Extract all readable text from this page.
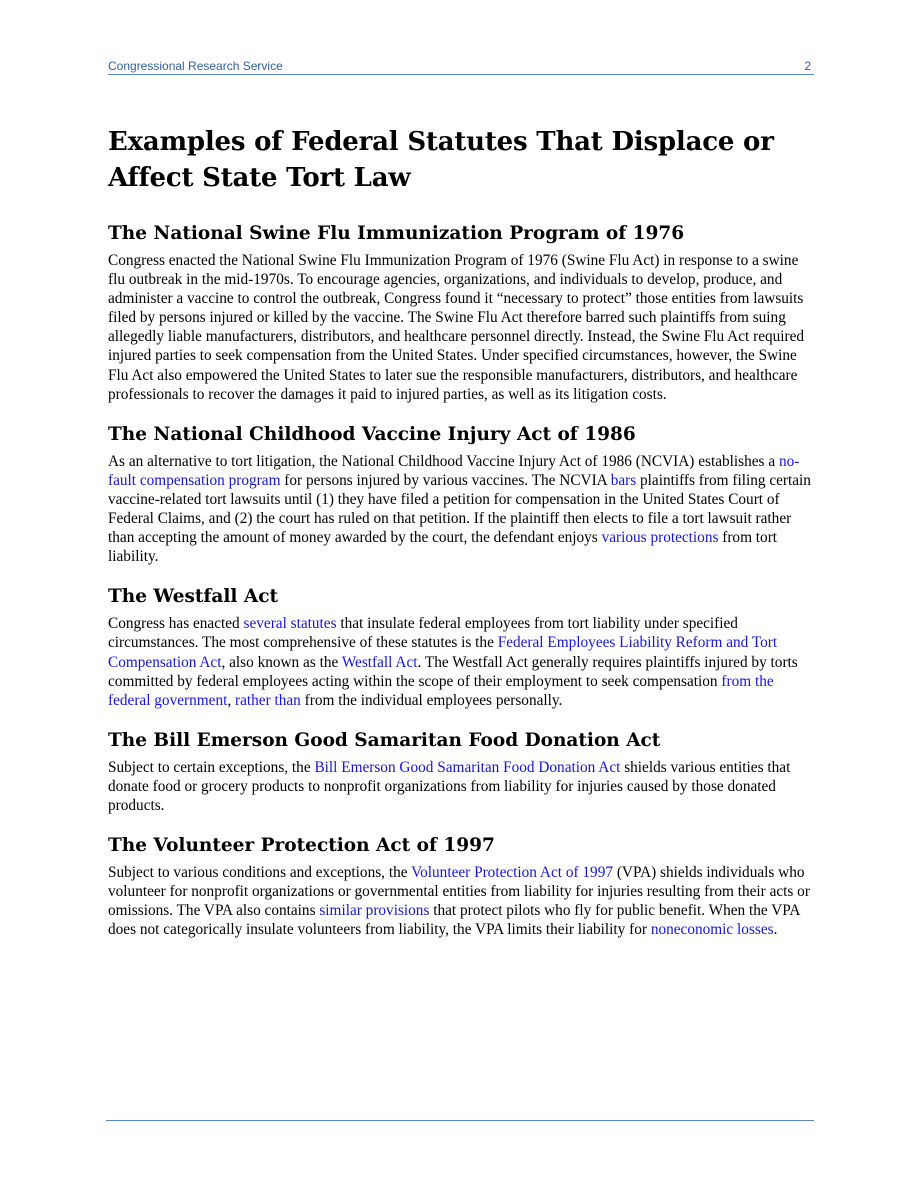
Congressional Research Service	2
Examples of Federal Statutes That Displace or Affect State Tort Law
The National Swine Flu Immunization Program of 1976

Congress enacted the National Swine Flu Immunization Program of 1976 (Swine Flu Act) in response to a swine flu outbreak in the mid-1970s. To encourage agencies, organizations, and individuals to develop, produce, and administer a vaccine to control the outbreak, Congress found it “necessary to protect” those entities from lawsuits filed by persons injured or killed by the vaccine. The Swine Flu Act therefore barred such plaintiffs from suing allegedly liable manufacturers, distributors, and healthcare personnel directly. Instead, the Swine Flu Act required injured parties to seek compensation from the United States. Under specified circumstances, however, the Swine Flu Act also empowered the United States to later sue the responsible manufacturers, distributors, and healthcare professionals to recover the damages it paid to injured parties, as well as its litigation costs.

The National Childhood Vaccine Injury Act of 1986

As an alternative to tort litigation, the National Childhood Vaccine Injury Act of 1986 (NCVIA) establishes a no-fault compensation program for persons injured by various vaccines. The NCVIA bars plaintiffs from filing certain vaccine-related tort lawsuits until (1) they have filed a petition for compensation in the United States Court of Federal Claims, and (2) the court has ruled on that petition. If the plaintiff then elects to file a tort lawsuit rather than accepting the amount of money awarded by the court, the defendant enjoys various protections from tort liability.

The Westfall Act

Congress has enacted several statutes that insulate federal employees from tort liability under specified circumstances. The most comprehensive of these statutes is the Federal Employees Liability Reform and Tort Compensation Act, also known as the Westfall Act. The Westfall Act generally requires plaintiffs injured by torts committed by federal employees acting within the scope of their employment to seek compensation from the federal government, rather than from the individual employees personally.

The Bill Emerson Good Samaritan Food Donation Act

Subject to certain exceptions, the Bill Emerson Good Samaritan Food Donation Act shields various entities that donate food or grocery products to nonprofit organizations from liability for injuries caused by those donated products.

The Volunteer Protection Act of 1997

Subject to various conditions and exceptions, the Volunteer Protection Act of 1997 (VPA) shields individuals who volunteer for nonprofit organizations or governmental entities from liability for injuries resulting from their acts or omissions. The VPA also contains similar provisions that protect pilots who fly for public benefit. When the VPA does not categorically insulate volunteers from liability, the VPA limits their liability for noneconomic losses.
